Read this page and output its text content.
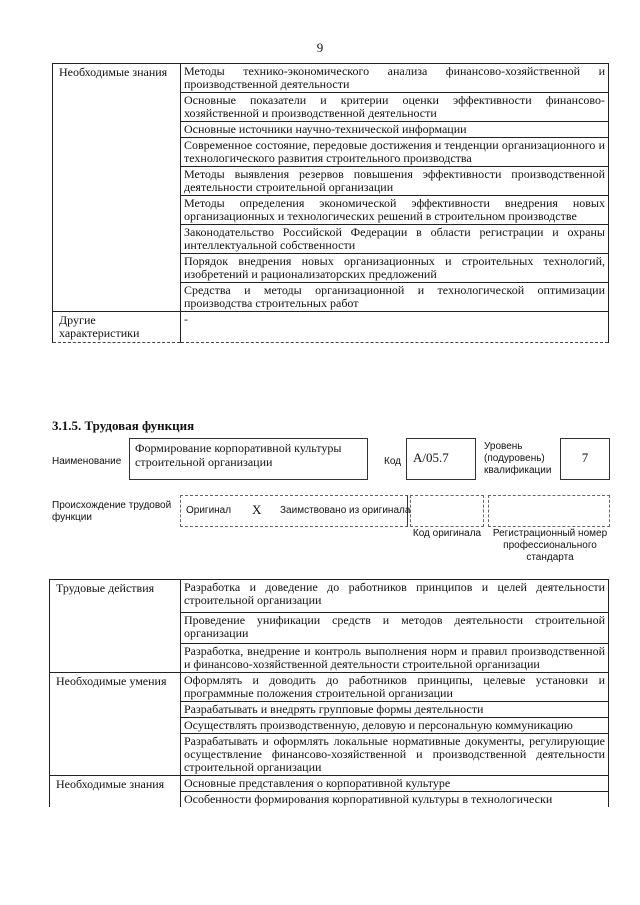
9
Необходимые знания	Методы технико-экономического анализа финансово-хозяйственной и производственной деятельности
	Основные показатели и критерии оценки эффективности финансово-хозяйственной и производственной деятельности
	Основные источники научно-технической информации
	Современное состояние, передовые достижения и тенденции организационного и технологического развития строительного производства
	Методы выявления резервов повышения эффективности производственной деятельности строительной организации
	Методы определения экономической эффективности внедрения новых организационных и технологических решений в строительном производстве
	Законодательство Российской Федерации в области регистрации и охраны интеллектуальной собственности
	Порядок внедрения новых организационных и строительных технологий, изобретений и рационализаторских предложений
	Средства и методы организационной и технологической оптимизации производства строительных работ
Другие характеристики	-
3.1.5. Трудовая функция
Наименование
Формирование корпоративной культуры строительной организации	Код А/05.7
Уровень (подуровень) квалификации
7
Происхождение трудовой функции
Оригинал X Заимствовано из оригинала
Код оригинала	Регистрационный номер профессионального стандарта
Трудовые действия	Разработка и доведение до работников принципов и целей деятельности строительной организации
	Проведение унификации средств и методов деятельности строительной организации
	Разработка, внедрение и контроль выполнения норм и правил производственной и финансово-хозяйственной деятельности строительной организации
Необходимые умения	Оформлять и доводить до работников принципы, целевые установки и программные положения строительной организации
	Разрабатывать и внедрять групповые формы деятельности
	Осуществлять производственную, деловую и персональную коммуникацию
	Разрабатывать и оформлять локальные нормативные документы, регулирующие осуществление финансово-хозяйственной и производственной деятельности строительной организации
Необходимые знания	Основные представления о корпоративной культуре
	Особенности формирования корпоративной культуры в технологически
